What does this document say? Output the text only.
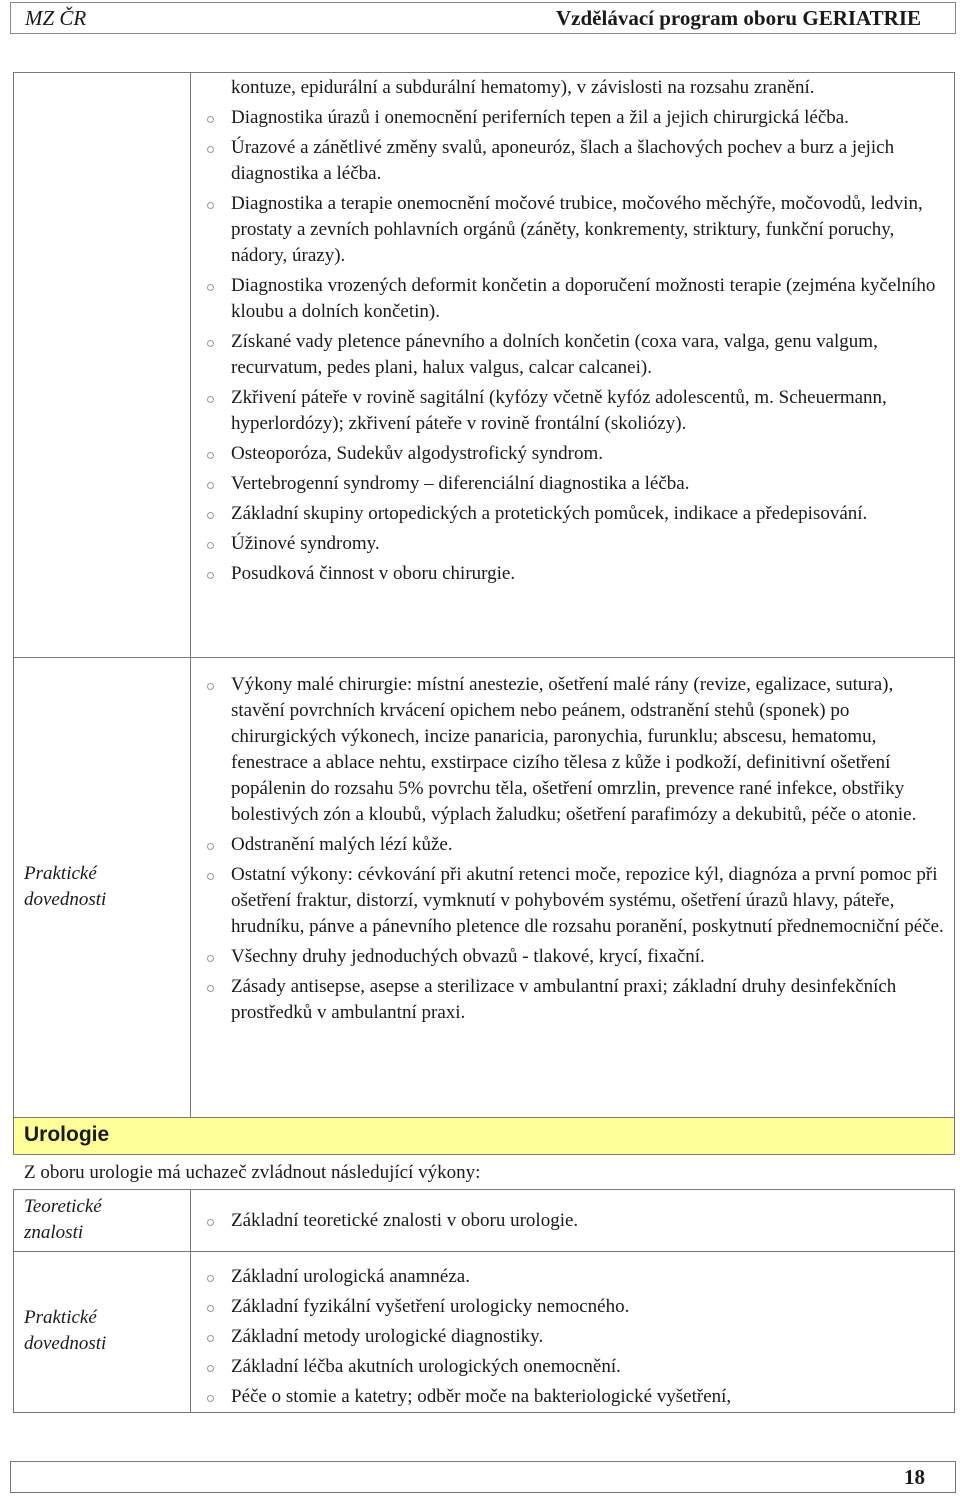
MZ ČR	Vzdělávací program oboru GERIATRIE
kontuze, epidurální a subdurální hematomy), v závislosti na rozsahu zranění.
Diagnostika úrazů i onemocnění periferních tepen a žil a jejich chirurgická léčba.
Úrazové a zánětlivé změny svalů, aponeuróz, šlach a šlachových pochev a burz a jejich diagnostika a léčba.
Diagnostika a terapie onemocnění močové trubice, močového měchýře, močovodů, ledvin, prostaty a zevních pohlavních orgánů (záněty, konkrementy, striktury, funkční poruchy, nádory, úrazy).
Diagnostika vrozených deformit končetin a doporučení možnosti terapie (zejména kyčelního kloubu a dolních končetin).
Získané vady pletence pánevního a dolních končetin (coxa vara, valga, genu valgum, recurvatum, pedes plani, halux valgus, calcar calcanei).
Zkřivení páteře v rovině sagitální (kyfózy včetně kyfóz adolescentů, m. Scheuermann, hyperlordózy); zkřivení páteře v rovině frontální (skoliózy).
Osteoporóza, Sudekův algodystrofický syndrom.
Vertebrogenní syndromy – diferenciální diagnostika a léčba.
Základní skupiny ortopedických a protetických pomůcek, indikace a předepisování.
Úžinové syndromy.
Posudková činnost v oboru chirurgie.
Praktické dovednosti
Výkony malé chirurgie: místní anestezie, ošetření malé rány (revize, egalizace, sutura), stavění povrchních krvácení opichem nebo peánem, odstranění stehů (sponek) po chirurgických výkonech, incize panaricia, paronychia, furunklu; abscesu, hematomu, fenestrace a ablace nehtu, exstirpace cizího tělesa z kůže i podkoží, definitivní ošetření popálenin do rozsahu 5% povrchu těla, ošetření omrzlin, prevence rané infekce, obstřiky bolestivých zón a kloubů, výplach žaludku; ošetření parafimózy a dekubitů, péče o atonie.
Odstranění malých lézí kůže.
Ostatní výkony: cévkování při akutní retenci moče, repozice kýl, diagnóza a první pomoc při ošetření fraktur, distorzí, vymknutí v pohybovém systému, ošetření úrazů hlavy, páteře, hrudníku, pánve a pánevního pletence dle rozsahu poranění, poskytnutí přednemocniční péče.
Všechny druhy jednoduchých obvazů - tlakové, krycí, fixační.
Zásady antisepse, asepse a sterilizace v ambulantní praxi; základní druhy desinfekčních prostředků v ambulantní praxi.
Urologie
Z oboru urologie má uchazeč zvládnout následující výkony:
Teoretické znalosti
Základní teoretické znalosti v oboru urologie.
Praktické dovednosti
Základní urologická anamnéza.
Základní fyzikální vyšetření urologicky nemocného.
Základní metody urologické diagnostiky.
Základní léčba akutních urologických onemocnění.
Péče o stomie a katetry; odběr moče na bakteriologické vyšetření,
18
